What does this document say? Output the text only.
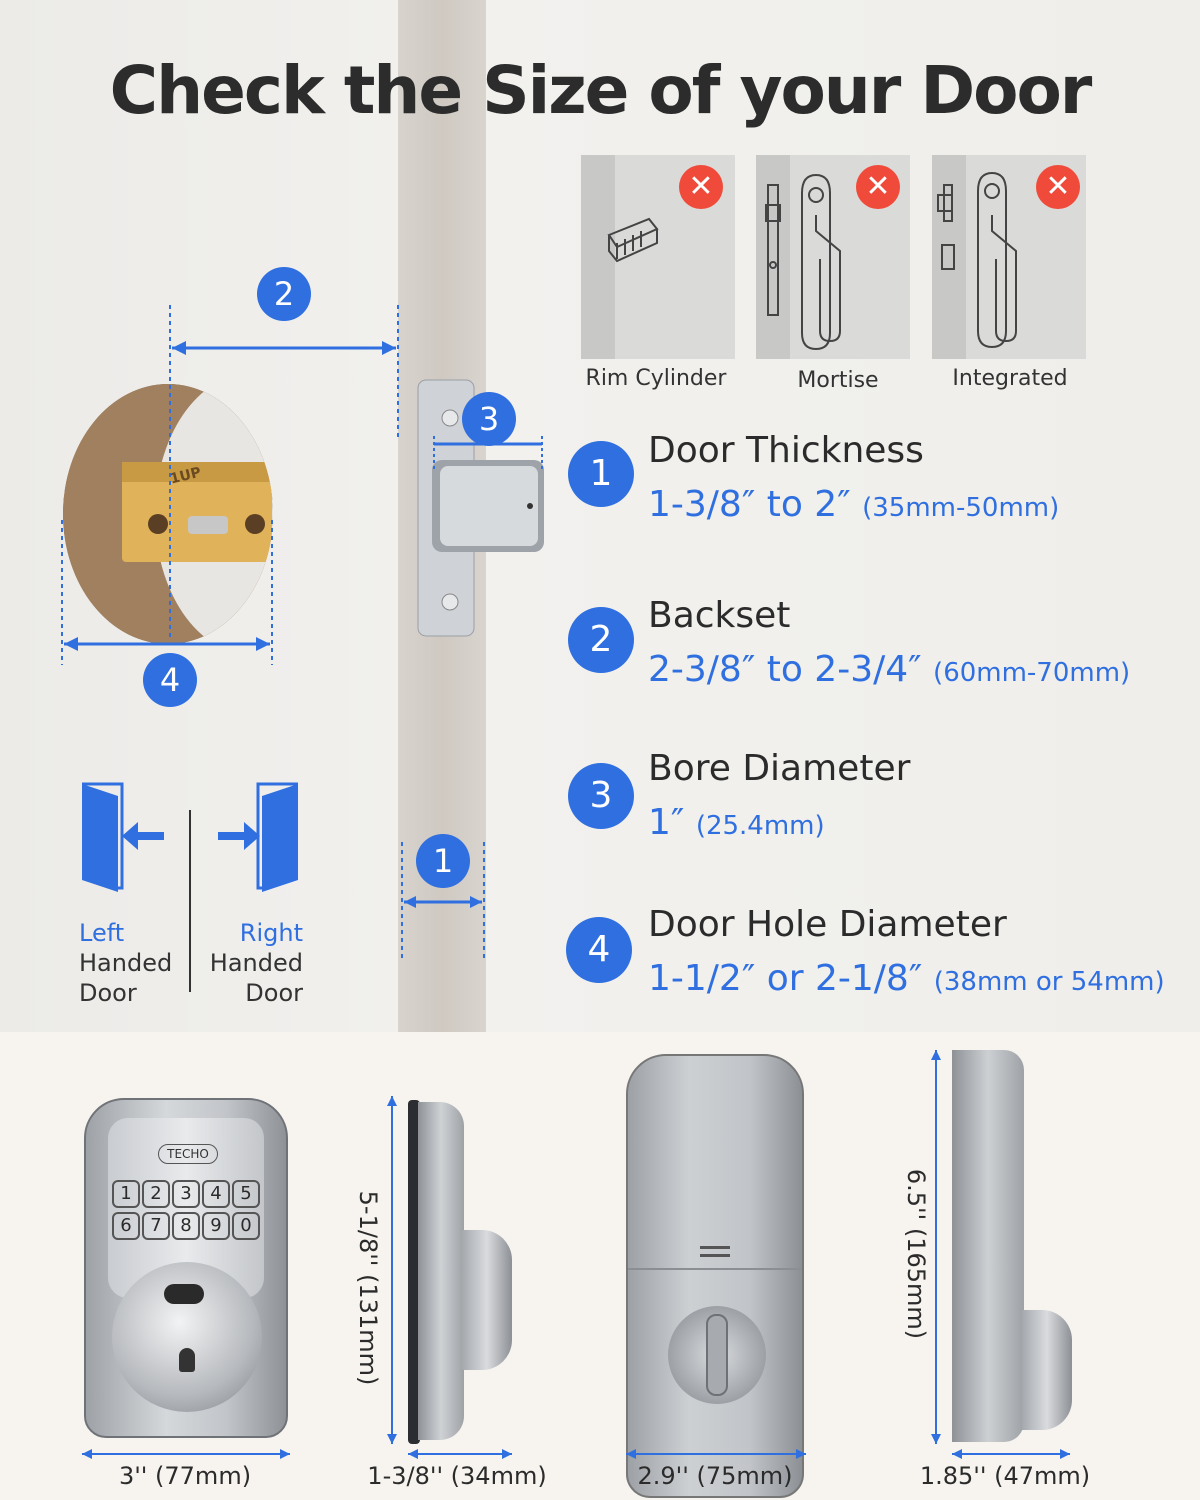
Check the Size of your Door
✕	✕	✕
Rim Cylinder	Mortise	Integrated
1UP
2
3
4
1
1
Door Thickness
1-3/8″ to 2″ (35mm-50mm)
2
Backset
2-3/8″ to 2-3/4″ (60mm-70mm)
3
Bore Diameter
1″ (25.4mm)
4
Door Hole Diameter
1-1/2″ or 2-1/8″ (38mm or 54mm)
Left
Handed
Door
Right
Handed
Door
TECHO
1	2	3	4	5
6	7	8	9	0
3'' (77mm)
5-1/8'' (131mm)
1-3/8'' (34mm)	2.9'' (75mm)
6.5'' (165mm)
1.85'' (47mm)
